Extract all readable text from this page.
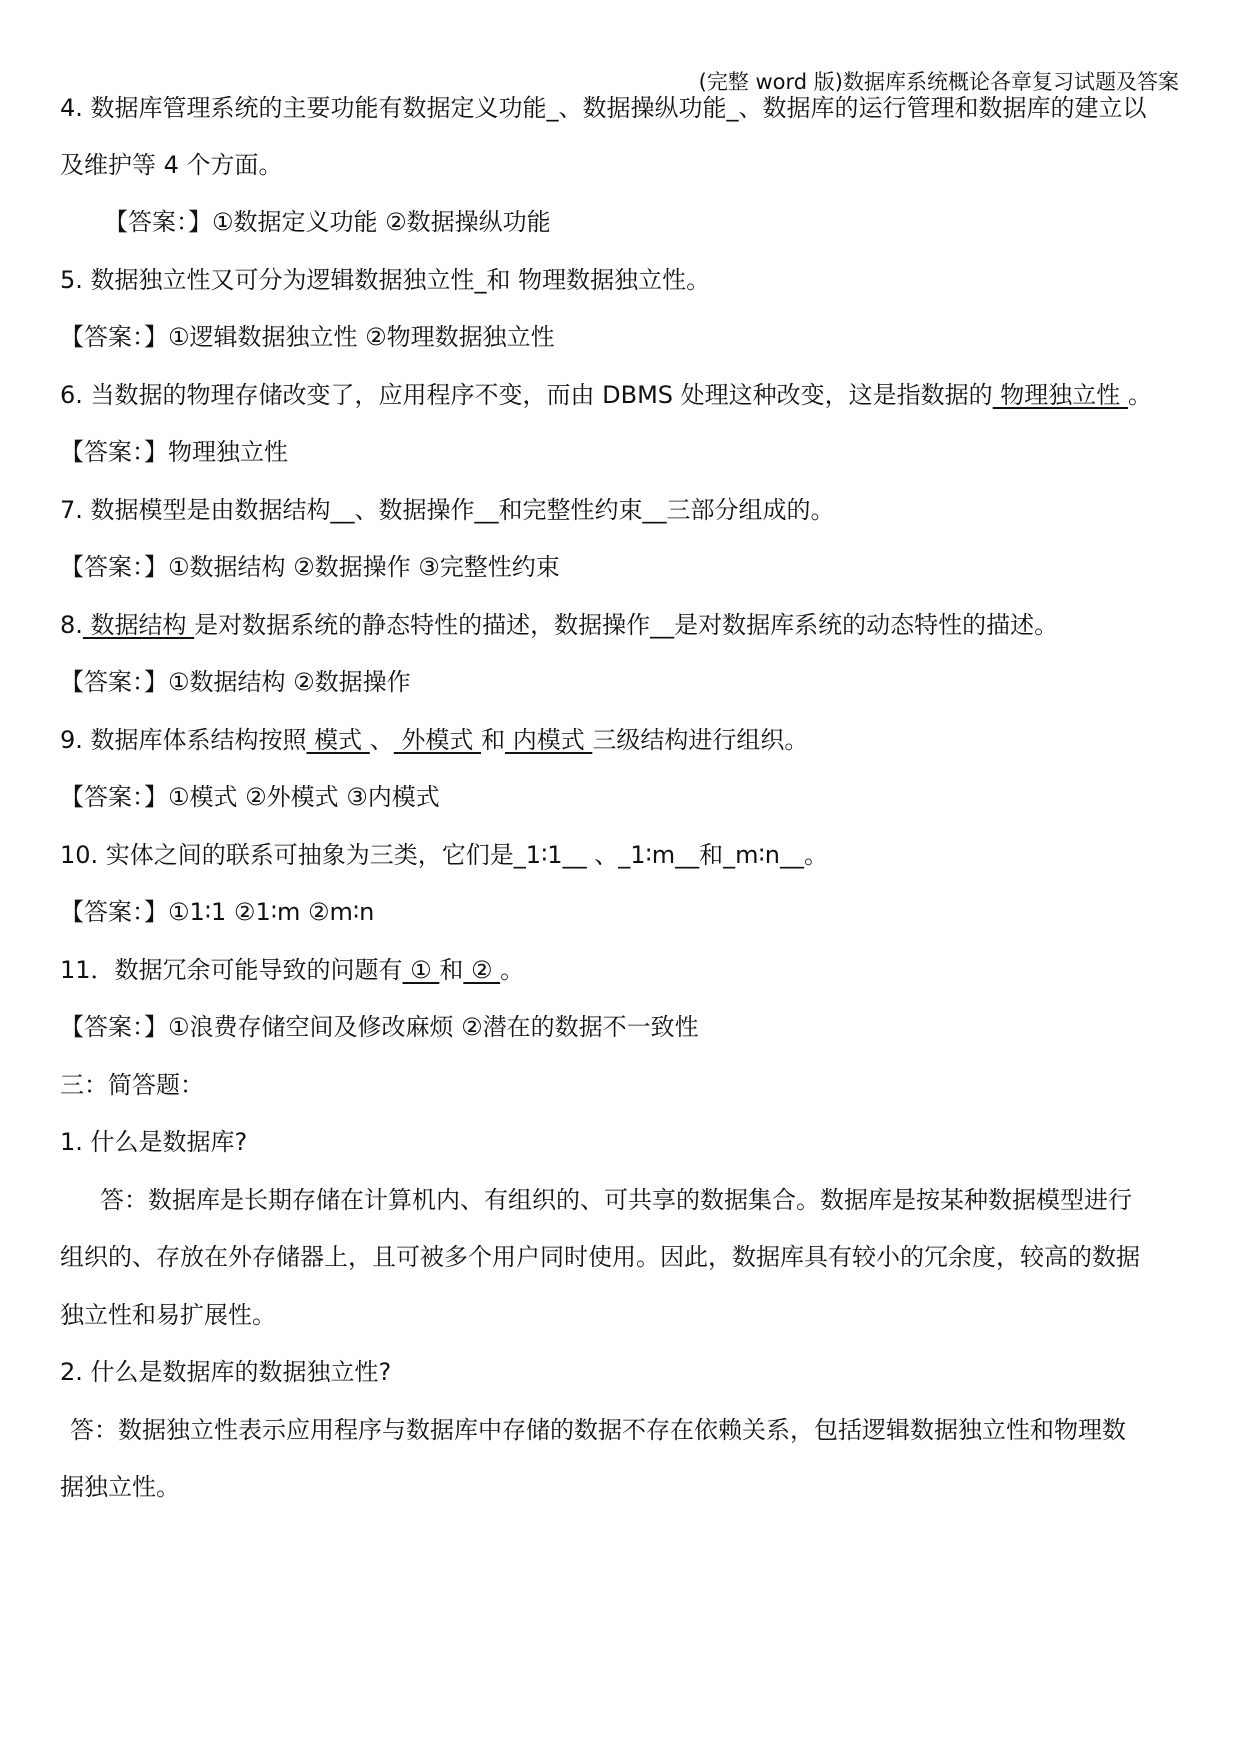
(完整 word 版)数据库系统概论各章复习试题及答案
4. 数据库管理系统的主要功能有数据定义功能_、数据操纵功能_、数据库的运行管理和数据库的建立以
及维护等 4 个方面。
【答案：】①数据定义功能 ②数据操纵功能
5. 数据独立性又可分为逻辑数据独立性_和 物理数据独立性。
【答案：】①逻辑数据独立性 ②物理数据独立性
6. 当数据的物理存储改变了，应用程序不变，而由 DBMS 处理这种改变，这是指数据的 物理独立性 。
【答案：】物理独立性
7. 数据模型是由数据结构__、数据操作__和完整性约束__三部分组成的。
【答案：】①数据结构 ②数据操作 ③完整性约束
8. 数据结构 是对数据系统的静态特性的描述，数据操作__是对数据库系统的动态特性的描述。
【答案：】①数据结构 ②数据操作
9. 数据库体系结构按照 模式 、 外模式 和 内模式 三级结构进行组织。
【答案：】①模式 ②外模式 ③内模式
10. 实体之间的联系可抽象为三类，它们是_1∶1__ 、_1∶m__和_m∶n__。
【答案：】①1∶1 ②1∶m ②m∶n
11．数据冗余可能导致的问题有 ① 和 ② 。
【答案：】①浪费存储空间及修改麻烦 ②潜在的数据不一致性
三：简答题：
1. 什么是数据库?
答：数据库是长期存储在计算机内、有组织的、可共享的数据集合。数据库是按某种数据模型进行
组织的、存放在外存储器上，且可被多个用户同时使用。因此，数据库具有较小的冗余度，较高的数据
独立性和易扩展性。
2. 什么是数据库的数据独立性?
答：数据独立性表示应用程序与数据库中存储的数据不存在依赖关系，包括逻辑数据独立性和物理数
据独立性。
